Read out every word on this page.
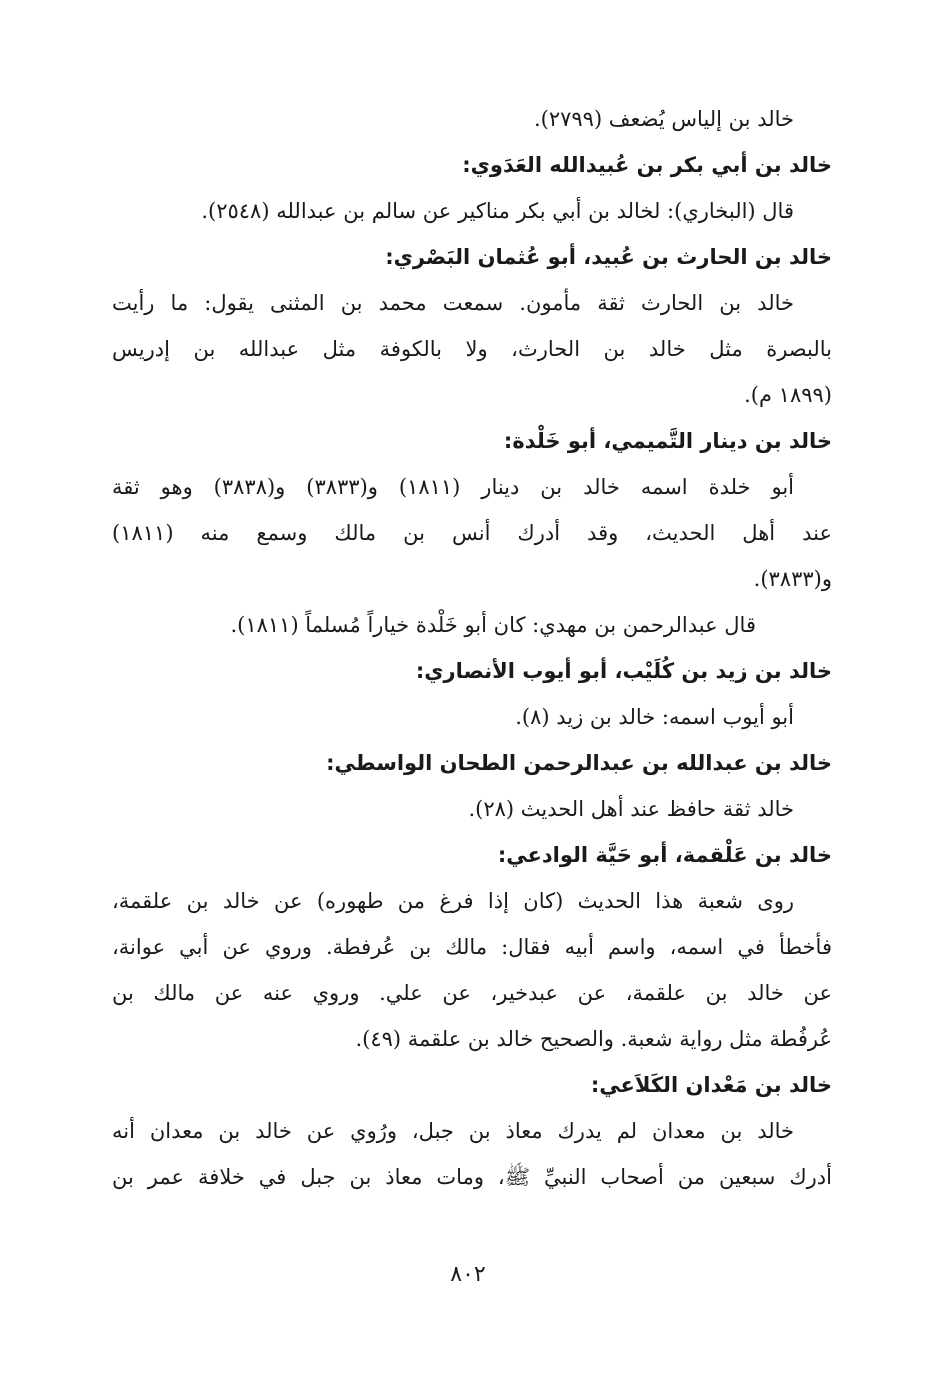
خالد بن إلياس يُضعف (٢٧٩٩).

خالد بن أبي بكر بن عُبيدالله العَدَوي:

قال (البخاري): لخالد بن أبي بكر مناكير عن سالم بن عبدالله (٢٥٤٨).

خالد بن الحارث بن عُبيد، أبو عُثمان البَصْري:

خالد بن الحارث ثقة مأمون. سمعت محمد بن المثنى يقول: ما رأيت
بالبصرة مثل خالد بن الحارث، ولا بالكوفة مثل عبدالله بن إدريس
(١٨٩٩ م).

خالد بن دينار التَّميمي، أبو خَلْدة:

أبو خلدة اسمه خالد بن دينار (١٨١١) و(٣٨٣٣) و(٣٨٣٨) وهو ثقة
عند أهل الحديث، وقد أدرك أنس بن مالك وسمع منه (١٨١١)
و(٣٨٣٣).

قال عبدالرحمن بن مهدي: كان أبو خَلْدة خياراً مُسلماً (١٨١١).

خالد بن زيد بن كُلَيْب، أبو أيوب الأنصاري:

أبو أيوب اسمه: خالد بن زيد (٨).

خالد بن عبدالله بن عبدالرحمن الطحان الواسطي:

خالد ثقة حافظ عند أهل الحديث (٢٨).

خالد بن عَلْقمة، أبو حَيَّة الوادعي:

روى شعبة هذا الحديث (كان إذا فرغ من طهوره) عن خالد بن علقمة،
فأخطأ في اسمه، واسم أبيه فقال: مالك بن عُرفطة. وروي عن أبي عوانة،
عن خالد بن علقمة، عن عبدخير، عن علي. وروي عنه عن مالك بن
عُرفُطة مثل رواية شعبة. والصحيح خالد بن علقمة (٤٩).

خالد بن مَعْدان الكَلاَعي:

خالد بن معدان لم يدرك معاذ بن جبل، ورُوي عن خالد بن معدان أنه
أدرك سبعين من أصحاب النبيِّ ﷺ، ومات معاذ بن جبل في خلافة عمر بن

٨٠٢
